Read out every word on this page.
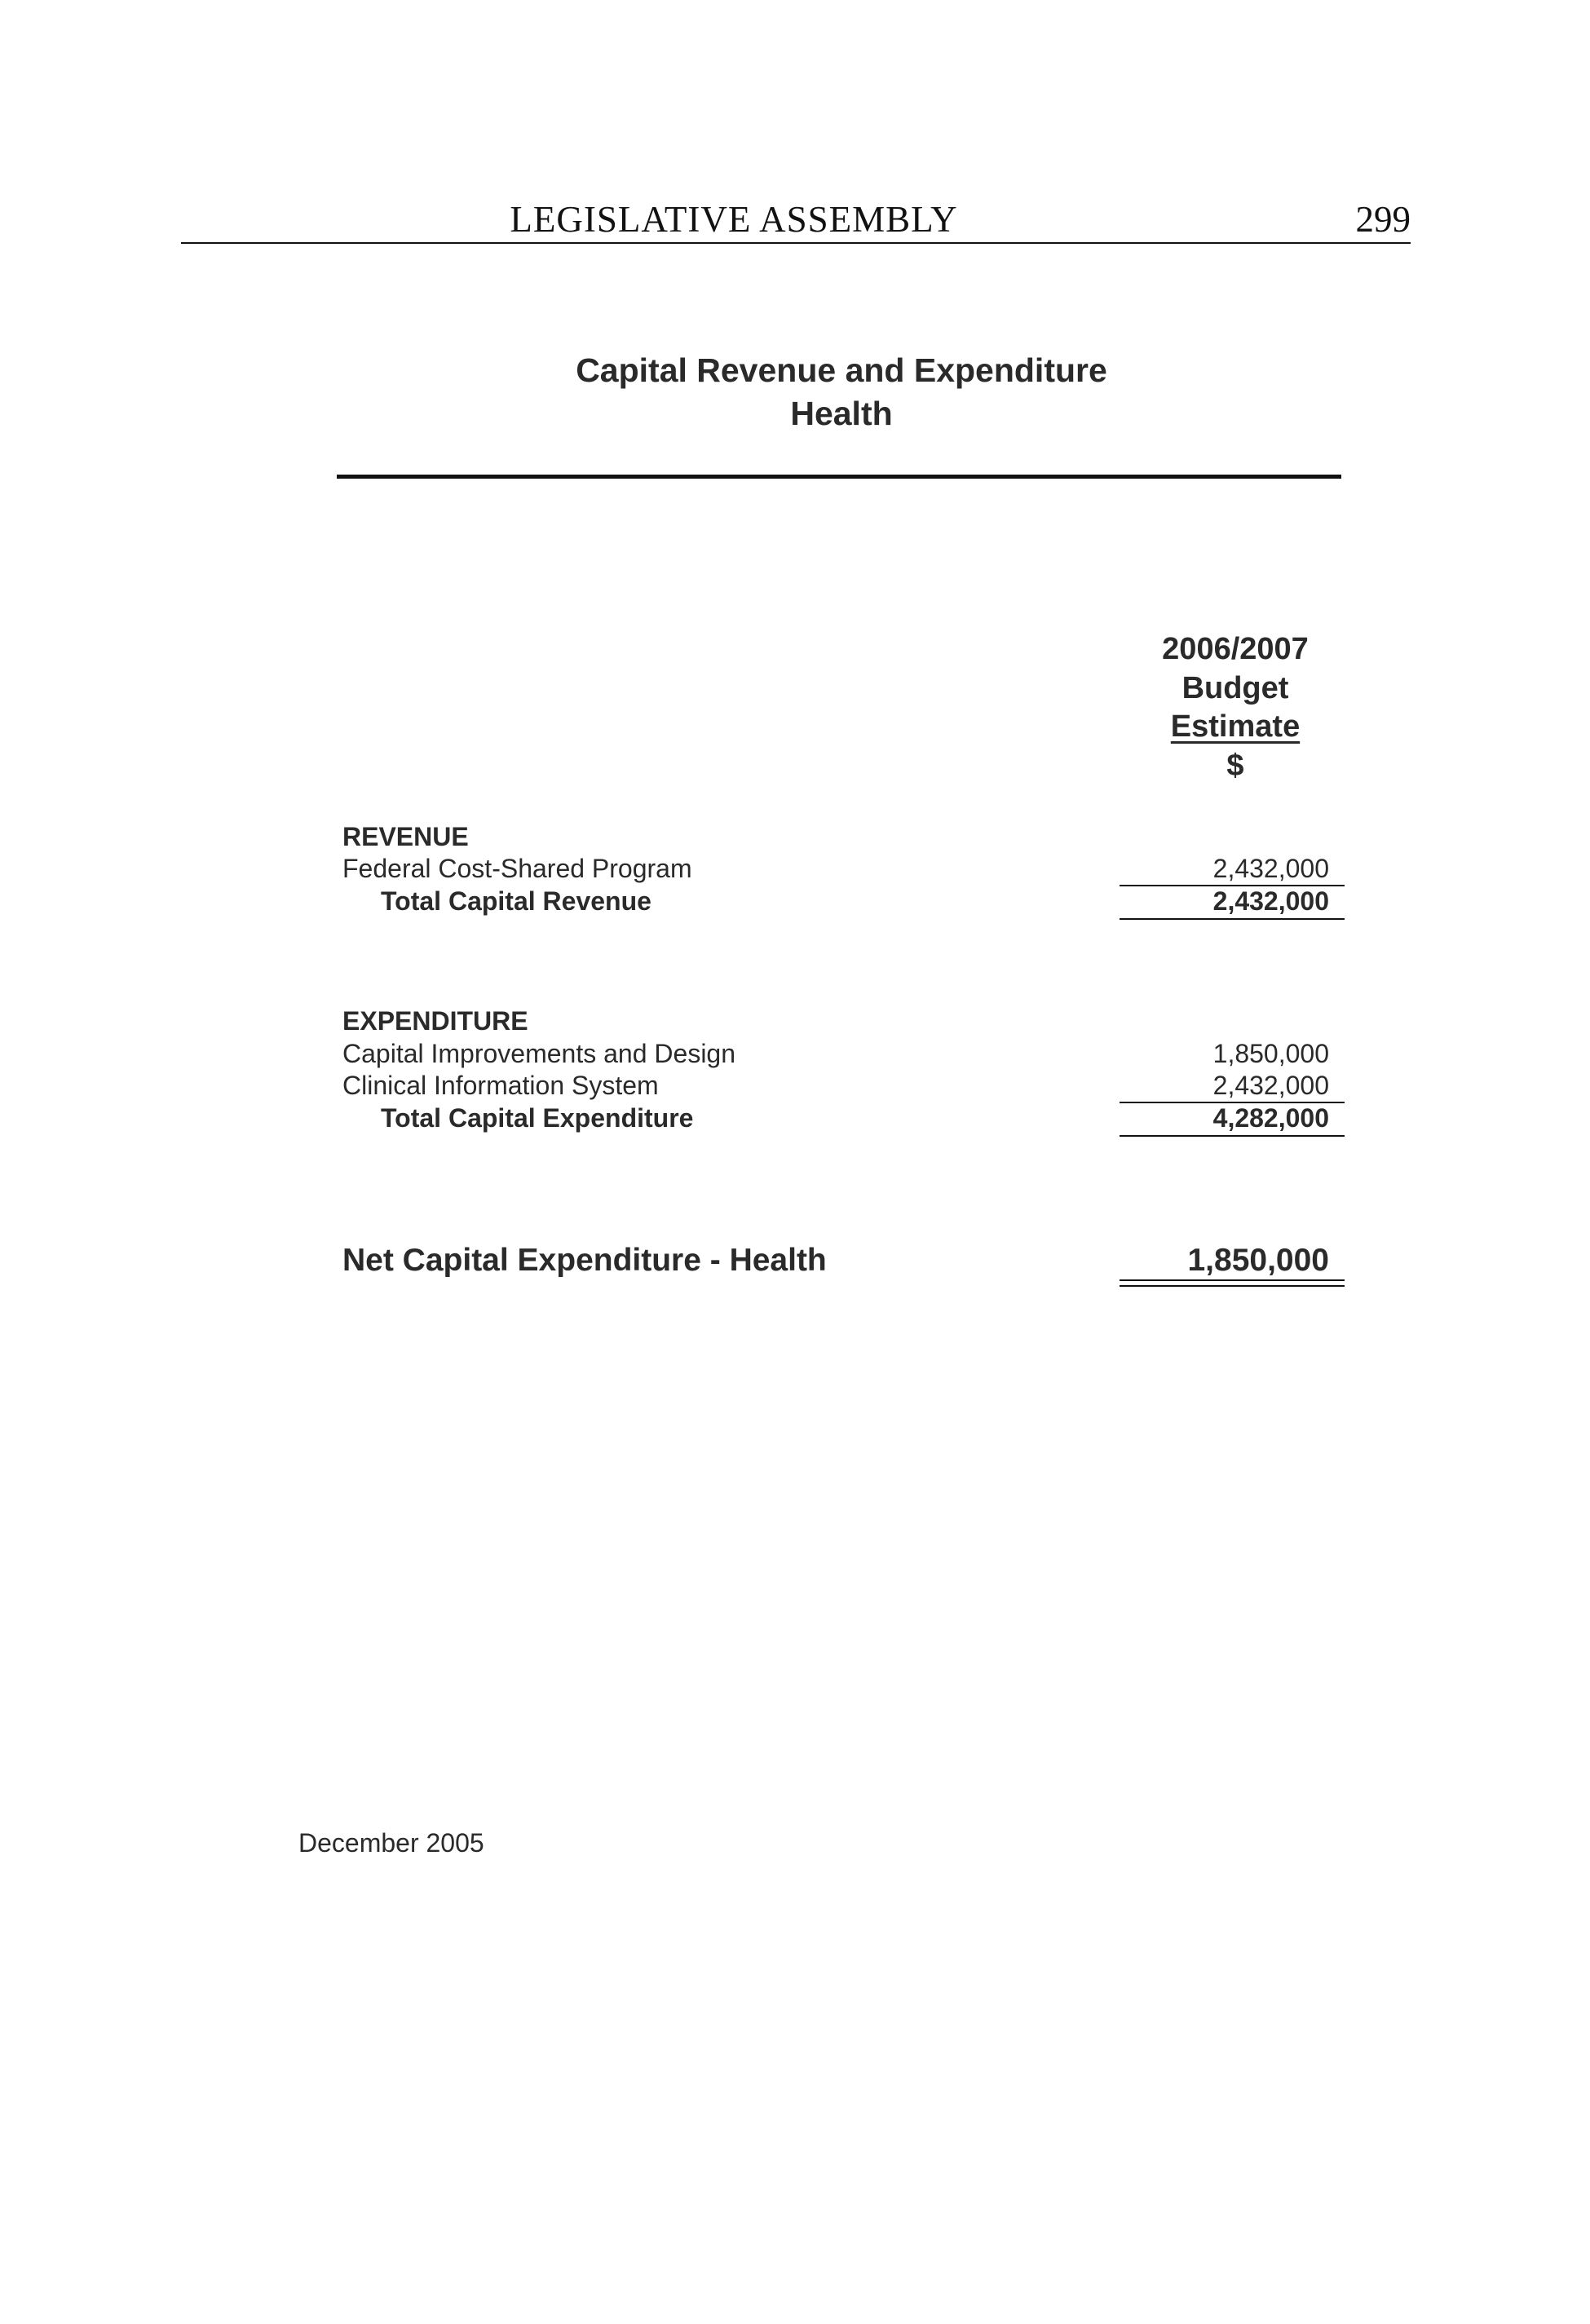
LEGISLATIVE ASSEMBLY	299
Capital Revenue and Expenditure
Health
2006/2007
Budget
Estimate
$
REVENUE
Federal Cost-Shared Program	2,432,000
Total Capital Revenue	2,432,000
EXPENDITURE
Capital Improvements and Design	1,850,000
Clinical Information System	2,432,000
Total Capital Expenditure	4,282,000
Net Capital Expenditure - Health	1,850,000
December 2005
